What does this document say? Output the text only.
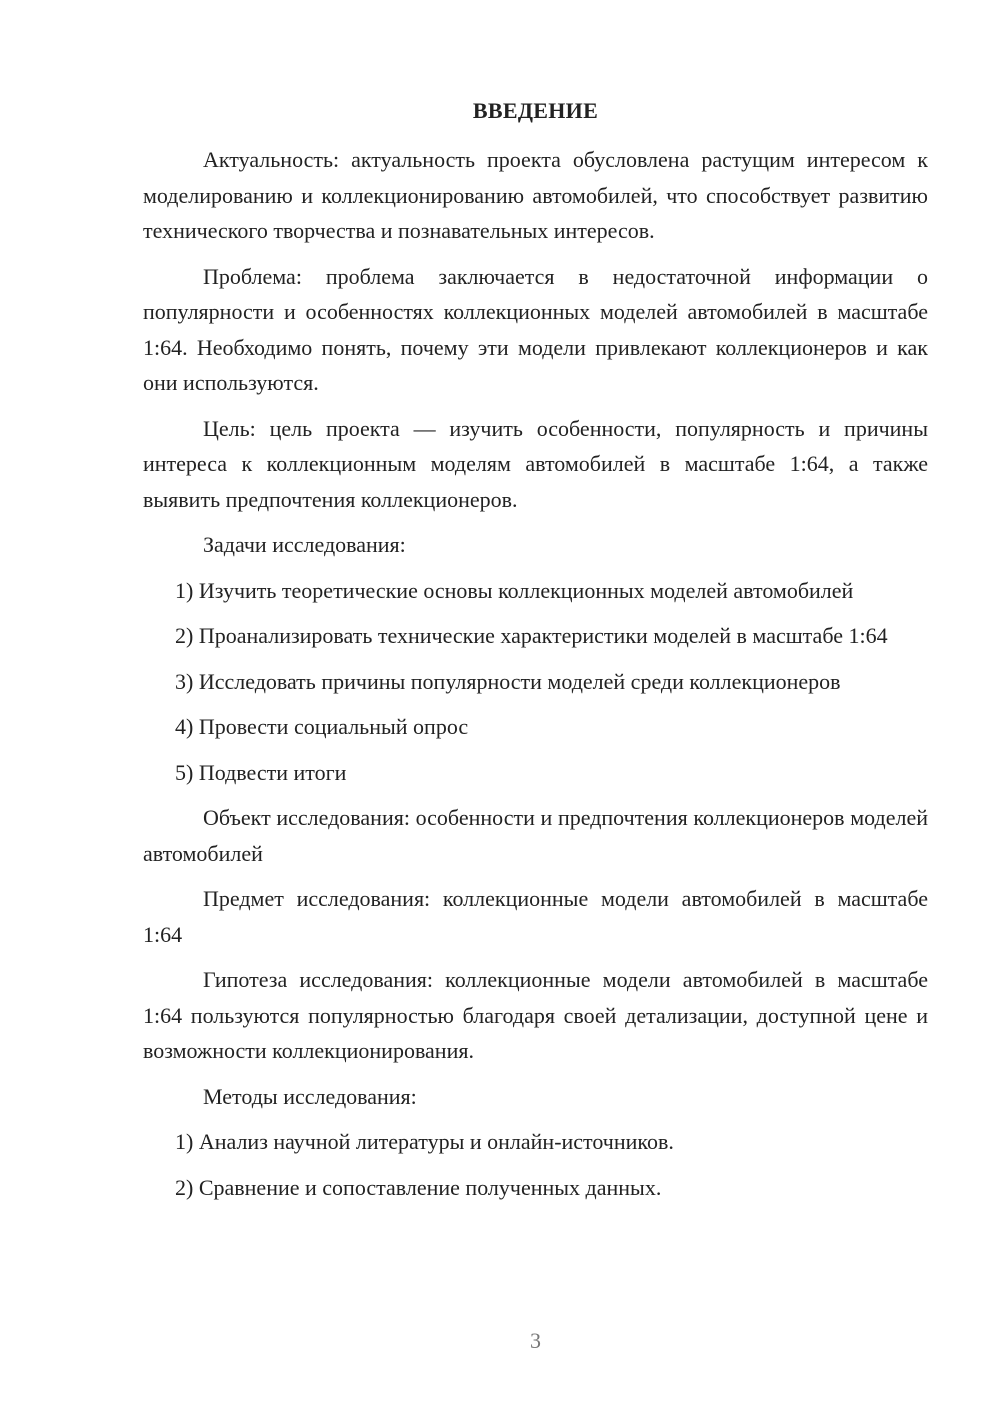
ВВЕДЕНИЕ

Актуальность: актуальность проекта обусловлена растущим интересом к моделированию и коллекционированию автомобилей, что способствует развитию технического творчества и познавательных интересов.

Проблема: проблема заключается в недостаточной информации о популярности и особенностях коллекционных моделей автомобилей в масштабе 1:64. Необходимо понять, почему эти модели привлекают коллекционеров и как они используются.

Цель: цель проекта — изучить особенности, популярность и причины интереса к коллекционным моделям автомобилей в масштабе 1:64, а также выявить предпочтения коллекционеров.

Задачи исследования:

1) Изучить теоретические основы коллекционных моделей автомобилей

2) Проанализировать технические характеристики моделей в масштабе 1:64

3) Исследовать причины популярности моделей среди коллекционеров

4) Провести социальный опрос

5) Подвести итоги

Объект исследования: особенности и предпочтения коллекционеров моделей автомобилей

Предмет исследования: коллекционные модели автомобилей в масштабе 1:64

Гипотеза исследования: коллекционные модели автомобилей в масштабе 1:64 пользуются популярностью благодаря своей детализации, доступной цене и возможности коллекционирования.

Методы исследования:

1) Анализ научной литературы и онлайн-источников.

2) Сравнение и сопоставление полученных данных.

3
